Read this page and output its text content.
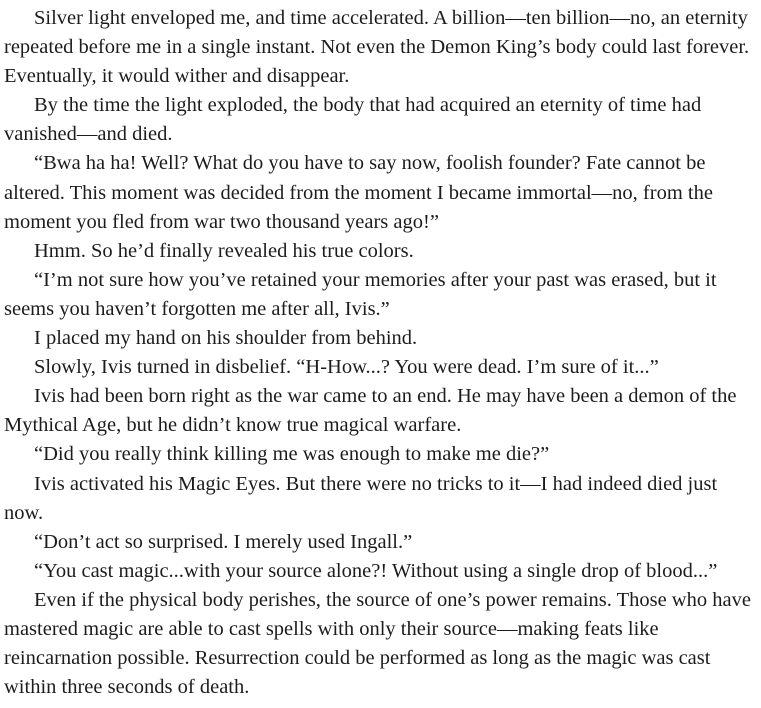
Silver light enveloped me, and time accelerated. A billion—ten billion—no, an eternity repeated before me in a single instant. Not even the Demon King’s body could last forever. Eventually, it would wither and disappear.

By the time the light exploded, the body that had acquired an eternity of time had vanished—and died.

“Bwa ha ha! Well? What do you have to say now, foolish founder? Fate cannot be altered. This moment was decided from the moment I became immortal—no, from the moment you fled from war two thousand years ago!”

Hmm. So he’d finally revealed his true colors.

“I’m not sure how you’ve retained your memories after your past was erased, but it seems you haven’t forgotten me after all, Ivis.”

I placed my hand on his shoulder from behind.

Slowly, Ivis turned in disbelief. “H-How...? You were dead. I’m sure of it...”

Ivis had been born right as the war came to an end. He may have been a demon of the Mythical Age, but he didn’t know true magical warfare.

“Did you really think killing me was enough to make me die?”

Ivis activated his Magic Eyes. But there were no tricks to it—I had indeed died just now.

“Don’t act so surprised. I merely used Ingall.”

“You cast magic...with your source alone?! Without using a single drop of blood...”

Even if the physical body perishes, the source of one’s power remains. Those who have mastered magic are able to cast spells with only their source—making feats like reincarnation possible. Resurrection could be performed as long as the magic was cast within three seconds of death.
